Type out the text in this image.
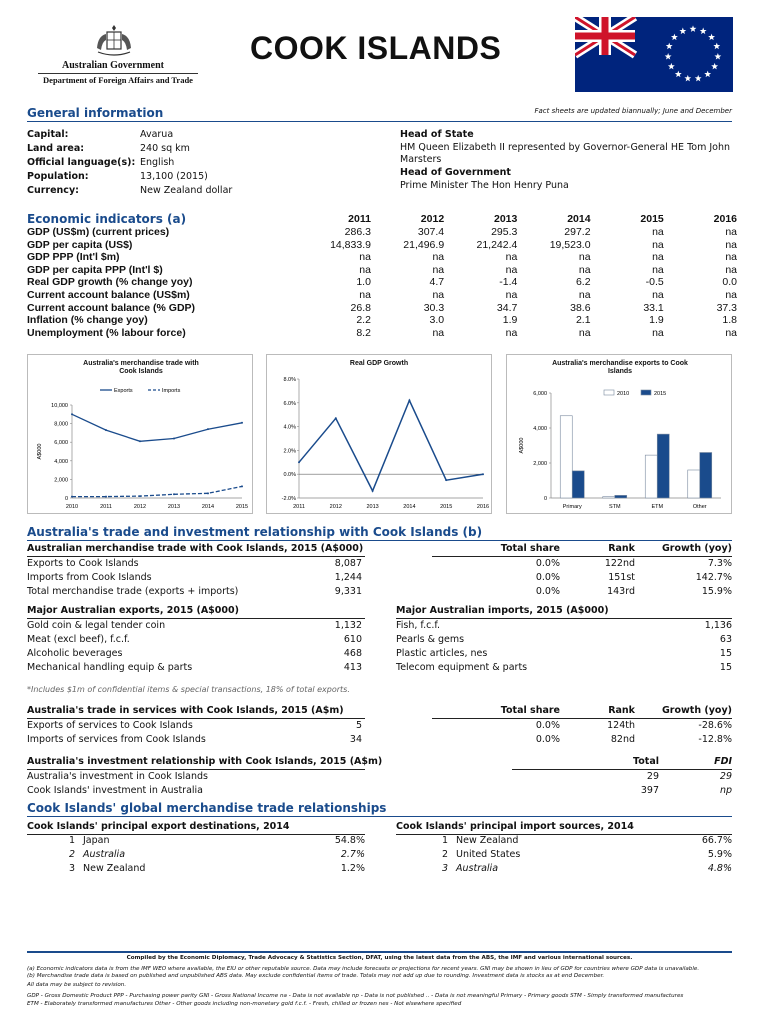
Australian Government
Department of Foreign Affairs and Trade
COOK ISLANDS
General information	Fact sheets are updated biannually; June and December
Capital:	Avarua
Land area:	240 sq km
Official language(s): English
Population:	13,100 (2015)
Currency:	New Zealand dollar
Head of State
HM Queen Elizabeth II represented by Governor-General HE Tom John
Marsters
Head of Government
Prime Minister The Hon Henry Puna
Economic indicators (a)
		2011	2012	2013	2014	2015	2016
GDP (US$m) (current prices)	286.3	307.4	295.3	297.2	na	na
GDP per capita (US$)	14,833.9	21,496.9	21,242.4	19,523.0	na	na
GDP PPP (Int'l $m)	na	na	na	na	na	na
GDP per capita PPP (Int'l $)	na	na	na	na	na	na
Real GDP growth (% change yoy)	1.0	4.7	-1.4	6.2	-0.5	0.0
Current account balance (US$m)	na	na	na	na	na	na
Current account balance (% GDP)	26.8	30.3	34.7	38.6	33.1	37.3
Inflation (% change yoy)	2.2	3.0	1.9	2.1	1.9	1.8
Unemployment (% labour force)	8.2	na	na	na	na	na
Australia's merchandise trade with Cook Islands
0
2,000
4,000
6,000
8,000
10,000
2010	2011	2012	2013	2014	2015
A$000
Exports	Imports
Real GDP Growth
-2.0%
0.0%
2.0%
4.0%
6.0%
8.0%
2011	2012	2013	2014	2015	2016
Australia's merchandise exports to Cook Islands
0
2,000
4,000
6,000
A$000
Primary	STM	ETM	Other
2010	2015
Australia's trade and investment relationship with Cook Islands (b)
Australian merchandise trade with Cook Islands, 2015 (A$000)	Total share	Rank	Growth (yoy)
Exports to Cook Islands	8,087	0.0%	122nd	7.3%
Imports from Cook Islands	1,244	0.0%	151st	142.7%
Total merchandise trade (exports + imports)	9,331	0.0%	143rd	15.9%
Major Australian exports, 2015 (A$000)	Major Australian imports, 2015 (A$000)
Gold coin & legal tender coin	1,132
Meat (excl beef), f.c.f.	610
Alcoholic beverages	468
Mechanical handling equip & parts	413
Fish, f.c.f.	1,136
Pearls & gems	63
Plastic articles, nes	15
Telecom equipment & parts	15
*Includes $1m of confidential items & special transactions, 18% of total exports.
Australia's trade in services with Cook Islands, 2015 (A$m)	Total share	Rank	Growth (yoy)
Exports of services to Cook Islands	5	0.0%	124th	-28.6%
Imports of services from Cook Islands	34	0.0%	82nd	-12.8%
Australia's investment relationship with Cook Islands, 2015 (A$m)	Total	FDI
Australia's investment in Cook Islands	29	29
Cook Islands' investment in Australia	397	np
Cook Islands' global merchandise trade relationships
Cook Islands' principal export destinations, 2014	Cook Islands' principal import sources, 2014
1 Japan	54.8%
2 Australia	2.7%
3 New Zealand	1.2%
1 New Zealand	66.7%
2 United States	5.9%
3 Australia	4.8%
Compiled by the Economic Diplomacy, Trade Advocacy & Statistics Section, DFAT, using the latest data from the ABS, the IMF and various international sources.
(a) Economic indicators data is from the IMF WEO where available, the EIU or other reputable source. Data may include forecasts or projections for recent years. GNI may be shown in lieu of GDP for countries where GDP data is unavailable.
(b) Merchandise trade data is based on published and unpublished ABS data. May exclude confidential items of trade. Totals may not add up due to rounding. Investment data is stocks as at end December.
All data may be subject to revision.
GDP - Gross Domestic Product PPP - Purchasing power parity GNI - Gross National Income na - Data is not available np - Data is not published .. - Data is not meaningful Primary - Primary goods STM - Simply transformed manufactures
ETM - Elaborately transformed manufactures Other - Other goods including non-monetary gold f.c.f. - Fresh, chilled or frozen nes - Not elsewhere specified
